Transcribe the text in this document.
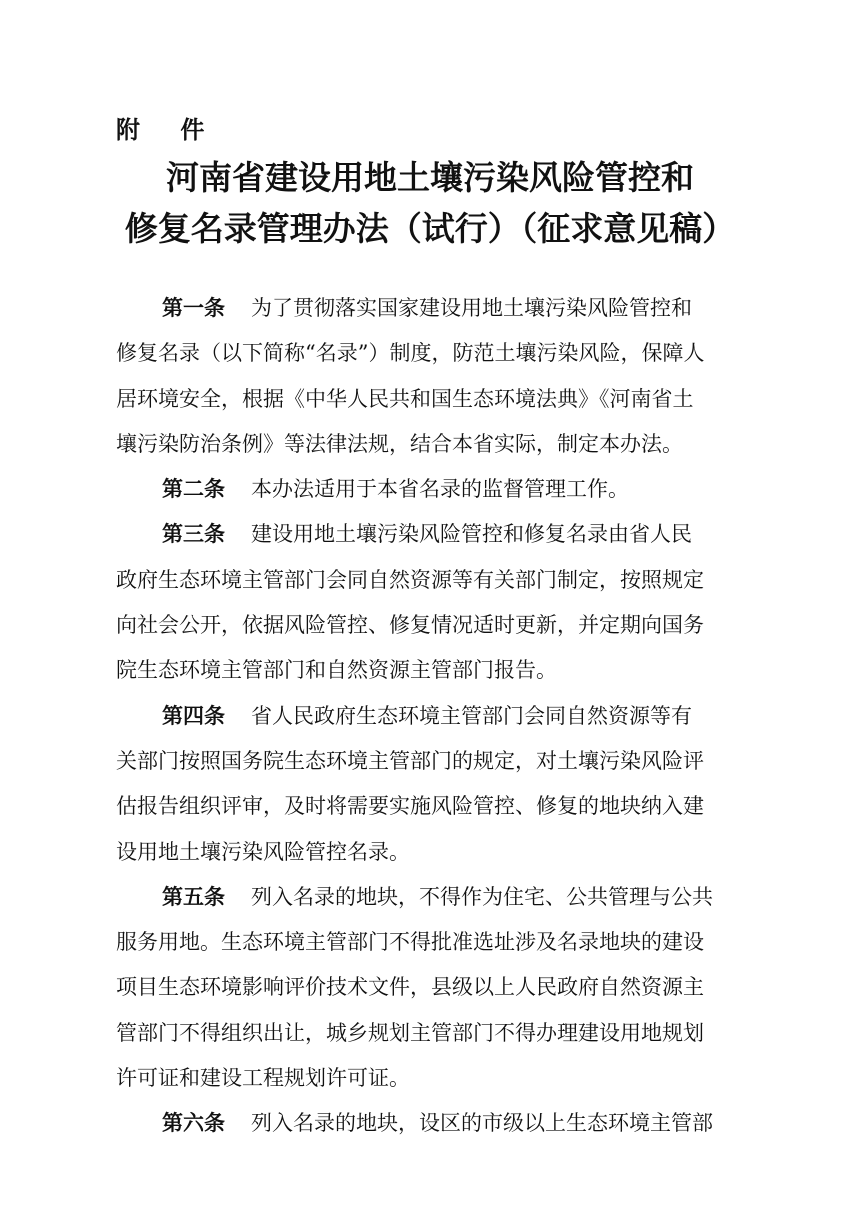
附 件
河南省建设用地土壤污染风险管控和
修复名录管理办法（试行）（征求意见稿）
第一条 为了贯彻落实国家建设用地土壤污染风险管控和
修复名录（以下简称“名录”）制度，防范土壤污染风险，保障人
居环境安全，根据《中华人民共和国生态环境法典》《河南省土
壤污染防治条例》等法律法规，结合本省实际，制定本办法。
第二条 本办法适用于本省名录的监督管理工作。
第三条 建设用地土壤污染风险管控和修复名录由省人民
政府生态环境主管部门会同自然资源等有关部门制定，按照规定
向社会公开，依据风险管控、修复情况适时更新，并定期向国务
院生态环境主管部门和自然资源主管部门报告。
第四条 省人民政府生态环境主管部门会同自然资源等有
关部门按照国务院生态环境主管部门的规定，对土壤污染风险评
估报告组织评审，及时将需要实施风险管控、修复的地块纳入建
设用地土壤污染风险管控名录。
第五条 列入名录的地块，不得作为住宅、公共管理与公共
服务用地。生态环境主管部门不得批准选址涉及名录地块的建设
项目生态环境影响评价技术文件，县级以上人民政府自然资源主
管部门不得组织出让，城乡规划主管部门不得办理建设用地规划
许可证和建设工程规划许可证。
第六条 列入名录的地块，设区的市级以上生态环境主管部
